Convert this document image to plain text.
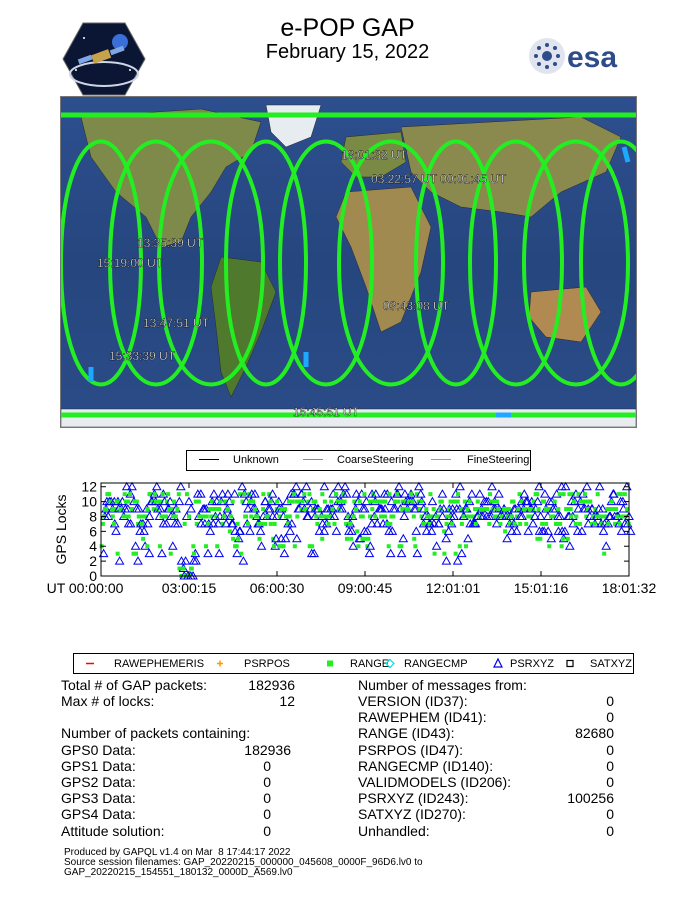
e-POP GAP
February 15, 2022	esa
18:01:32 UT
03:22:57 UT 00:01:45 UT
13:35:39 UT
15:19:00 UT
03:43:08 UT
13:47:51 UT
15:33:39 UT
15:45:51 UT
Unknown	CoarseSteering	FineSteering
0
2
4
6
8
10
12
GPS Locks
UT 00:00:00	03:00:15 06:00:30 09:00:45 12:01:01 15:01:16 18:01:32
RAWEPHEMERIS	PSRPOS	RANGE RANGECMP	PSRXYZ	SATXYZ
Total # of GAP packets:	182936
Max # of locks:	12
Number of packets containing:
GPS0 Data:	182936
GPS1 Data:	0
GPS2 Data:	0
GPS3 Data:	0
GPS4 Data:	0
Attitude solution:	0
Number of messages from:
VERSION (ID37):	0
RAWEPHEM (ID41):	0
RANGE (ID43):	82680
PSRPOS (ID47):	0
RANGECMP (ID140):	0
VALIDMODELS (ID206):	0
PSRXYZ (ID243):	100256
SATXYZ (ID270):	0
Unhandled:	0
Produced by GAPQL v1.4 on Mar  8 17:44:17 2022
Source session filenames: GAP_20220215_000000_045608_0000F_96D6.lv0 to
GAP_20220215_154551_180132_0000D_A569.lv0
